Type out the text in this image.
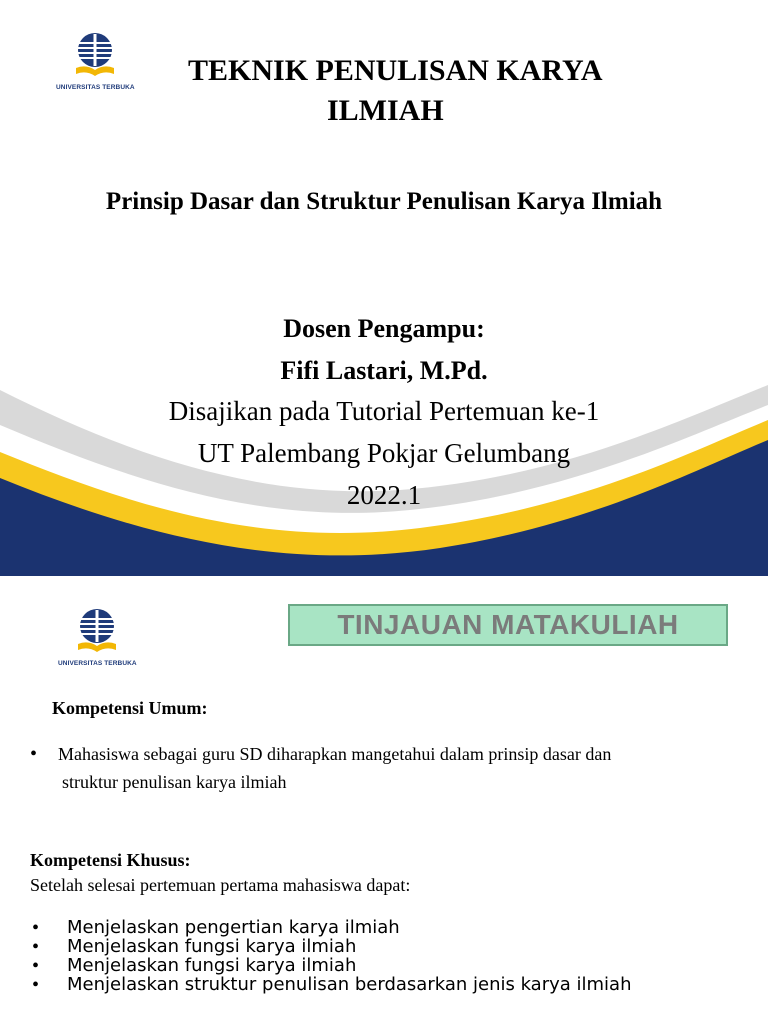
UNIVERSITAS TERBUKA
TEKNIK PENULISAN KARYA
ILMIAH
Prinsip Dasar dan Struktur Penulisan Karya Ilmiah
Dosen Pengampu:
Fifi Lastari, M.Pd.
Disajikan pada Tutorial Pertemuan ke-1
UT Palembang Pokjar Gelumbang
2022.1
UNIVERSITAS TERBUKA
TINJAUAN MATAKULIAH
Kompetensi Umum:
• Mahasiswa sebagai guru SD diharapkan mangetahui dalam prinsip dasar dan
struktur penulisan karya ilmiah
Kompetensi Khusus:
Setelah selesai pertemuan pertama mahasiswa dapat:
• Menjelaskan pengertian karya ilmiah
• Menjelaskan fungsi karya ilmiah
• Menjelaskan fungsi karya ilmiah
• Menjelaskan struktur penulisan berdasarkan jenis karya ilmiah
